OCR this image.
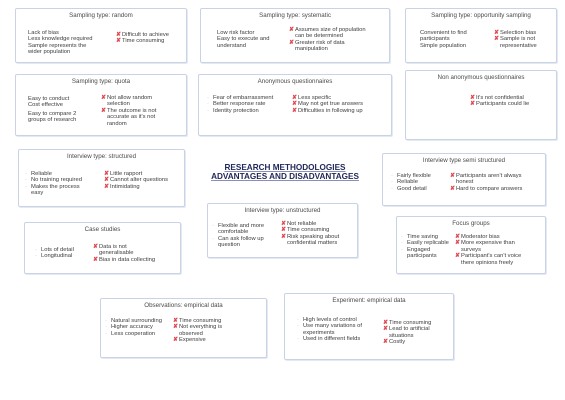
RESEARCH METHODOLOGIES
ADVANTAGES AND DISADVANTAGES
Sampling type: random
Lack of bias
Less knowledge required
Sample represents the
wider population
✘ Difficult to achieve
✘ Time consuming
Sampling type: systematic
Low risk factor
Easy to execute and
understand
✘ Assumes size of population
can be determined
✘ Greater risk of data
manipulation
Sampling type: opportunity sampling
Convenient to find
participants
Simple population
✘ Selection bias
✘ Sample is not
representative
Sampling type: quota
Easy to conduct
Cost effective
Easy to compare 2
groups of research
✘ Not allow random
selection
✘ The outcome is not
accurate as it's not
random
Anonymous questionnaires
· Fear of embarrassment
· Better response rate
· Identity protection
✘ Less specific
✘ May not get true answers
✘ Difficulties in following up
Non anonymous questionnaires
✘ It's not confidential
✘ Participants could lie
Interview type: structured
· Reliable
· No training required
· Makes the process
easy
✘ Little rapport
✘ Cannot alter questions
✘ Intimidating
Interview type semi structured
· Fairly flexible
· Reliable
· Good detail
✘ Participants aren't always
honest
✘ Hard to compare answers
Interview type: unstructured
· Flexible and more
comfortable
· Can ask follow up
question
✘ Not reliable
✘ Time consuming
✘ Risk speaking about
confidential matters
Case studies
· Lots of detail
· Longitudinal
✘ Data is not
generalisable
✘ Bias in data collecting
Focus groups
· Time saving
· Easily replicable
· Engaged
participants
✘ Moderator bias
✘ More expensive than
surveys
✘ Participant's can't voice
there opinions freely
Observations: empirical data
· Natural surrounding
· Higher accuracy
· Less cooperation
✘ Time consuming
✘ Not everything is
observed
✘ Expensive
Experiment: empirical data
· High levels of control
· Use many variations of
experiments
· Used in different fields
✘ Time consuming
✘ Lead to artificial
situations
✘ Costly
